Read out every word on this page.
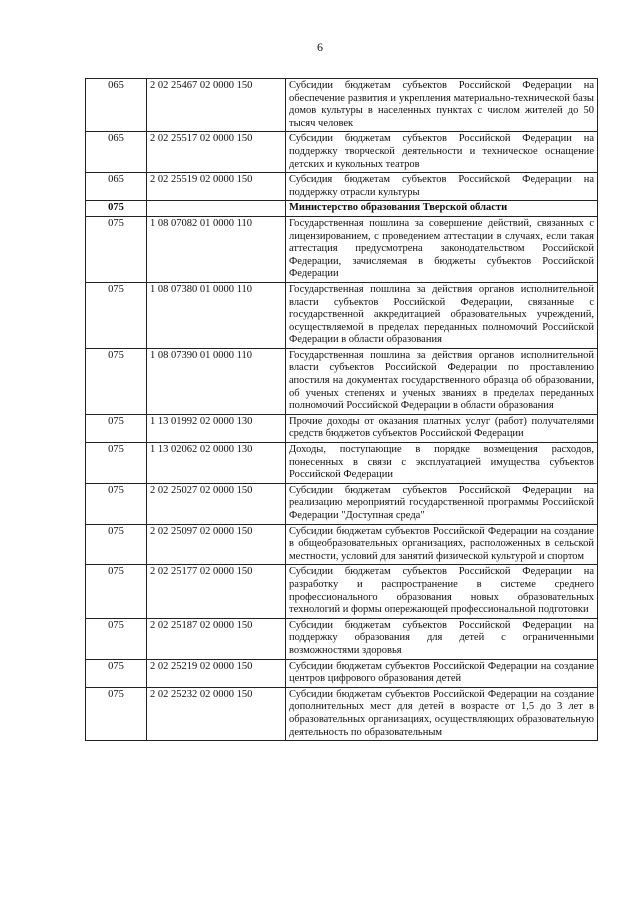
6
065	2 02 25467 02 0000 150	Субсидии бюджетам субъектов Российской Федерации на обеспечение развития и укрепления материально-технической базы домов культуры в населенных пунктах с числом жителей до 50 тысяч человек
065	2 02 25517 02 0000 150	Субсидии бюджетам субъектов Российской Федерации на поддержку творческой деятельности и техническое оснащение детских и кукольных театров
065	2 02 25519 02 0000 150	Субсидия бюджетам субъектов Российской Федерации на поддержку отрасли культуры
075		Министерство образования Тверской области
075	1 08 07082 01 0000 110	Государственная пошлина за совершение действий, связанных с лицензированием, с проведением аттестации в случаях, если такая аттестация предусмотрена законодательством Российской Федерации, зачисляемая в бюджеты субъектов Российской Федерации
075	1 08 07380 01 0000 110	Государственная пошлина за действия органов исполнительной власти субъектов Российской Федерации, связанные с государственной аккредитацией образовательных учреждений, осуществляемой в пределах переданных полномочий Российской Федерации в области образования
075	1 08 07390 01 0000 110	Государственная пошлина за действия органов исполнительной власти субъектов Российской Федерации по проставлению апостиля на документах государственного образца об образовании, об ученых степенях и ученых званиях в пределах переданных полномочий Российской Федерации в области образования
075	1 13 01992 02 0000 130	Прочие доходы от оказания платных услуг (работ) получателями средств бюджетов субъектов Российской Федерации
075	1 13 02062 02 0000 130	Доходы, поступающие в порядке возмещения расходов, понесенных в связи с эксплуатацией имущества субъектов Российской Федерации
075	2 02 25027 02 0000 150	Субсидии бюджетам субъектов Российской Федерации на реализацию мероприятий государственной программы Российской Федерации "Доступная среда"
075	2 02 25097 02 0000 150	Субсидии бюджетам субъектов Российской Федерации на создание в общеобразовательных организациях, расположенных в сельской местности, условий для занятий физической культурой и спортом
075	2 02 25177 02 0000 150	Субсидии бюджетам субъектов Российской Федерации на разработку и распространение в системе среднего профессионального образования новых образовательных технологий и формы опережающей профессиональной подготовки
075	2 02 25187 02 0000 150	Субсидии бюджетам субъектов Российской Федерации на поддержку образования для детей с ограниченными возможностями здоровья
075	2 02 25219 02 0000 150	Субсидии бюджетам субъектов Российской Федерации на создание центров цифрового образования детей
075	2 02 25232 02 0000 150	Субсидии бюджетам субъектов Российской Федерации на создание дополнительных мест для детей в возрасте от 1,5 до 3 лет в образовательных организациях, осуществляющих образовательную деятельность по образовательным
